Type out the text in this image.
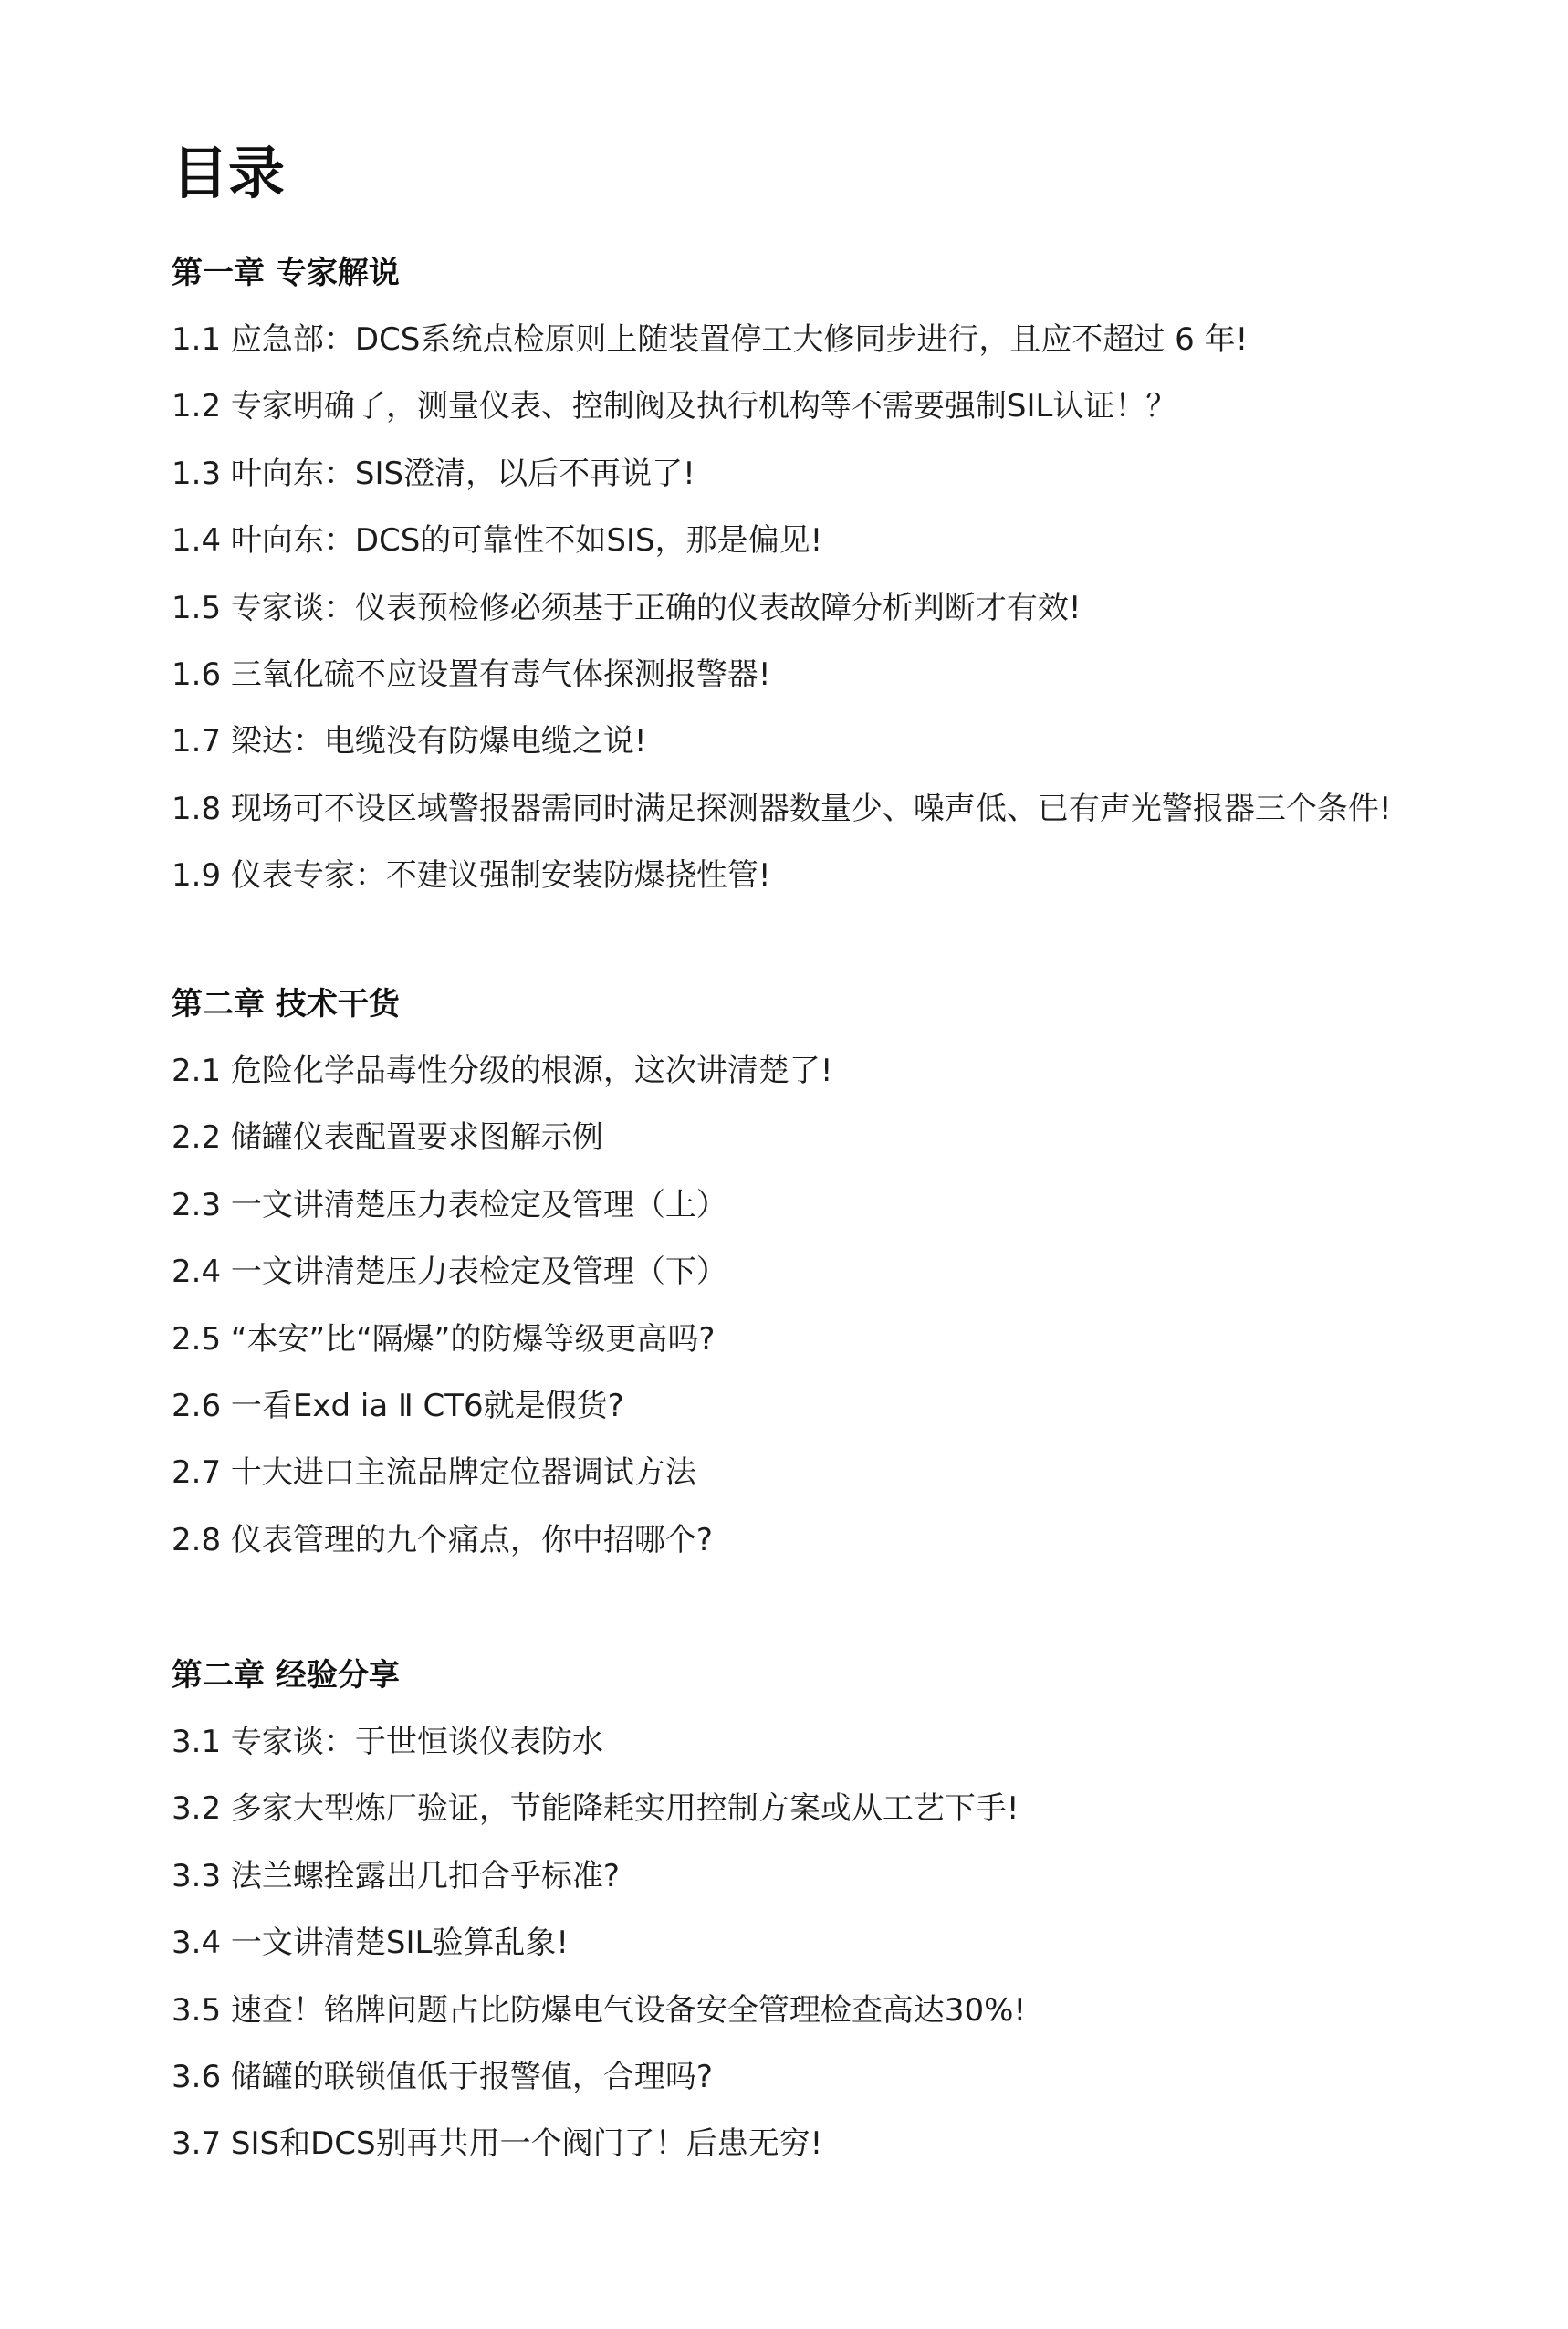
目录
第一章 专家解说
1.1 应急部：DCS系统点检原则上随装置停工大修同步进行，且应不超过 6 年!
1.2 专家明确了，测量仪表、控制阀及执行机构等不需要强制SIL认证！？
1.3 叶向东：SIS澄清，以后不再说了!
1.4 叶向东：DCS的可靠性不如SIS，那是偏见!
1.5 专家谈：仪表预检修必须基于正确的仪表故障分析判断才有效!
1.6 三氧化硫不应设置有毒气体探测报警器!
1.7 梁达：电缆没有防爆电缆之说!
1.8 现场可不设区域警报器需同时满足探测器数量少、噪声低、已有声光警报器三个条件!
1.9 仪表专家：不建议强制安装防爆挠性管!
第二章 技术干货
2.1 危险化学品毒性分级的根源，这次讲清楚了!
2.2 储罐仪表配置要求图解示例
2.3 一文讲清楚压力表检定及管理（上）
2.4 一文讲清楚压力表检定及管理（下）
2.5 “本安”比“隔爆”的防爆等级更高吗?
2.6 一看Exd ia Ⅱ CT6就是假货?
2.7 十大进口主流品牌定位器调试方法
2.8 仪表管理的九个痛点，你中招哪个?
第二章 经验分享
3.1 专家谈：于世恒谈仪表防水
3.2 多家大型炼厂验证，节能降耗实用控制方案或从工艺下手!
3.3 法兰螺拴露出几扣合乎标准?
3.4 一文讲清楚SIL验算乱象!
3.5 速查！铭牌问题占比防爆电气设备安全管理检查高达30%!
3.6 储罐的联锁值低于报警值，合理吗?
3.7 SIS和DCS别再共用一个阀门了！后患无穷!
